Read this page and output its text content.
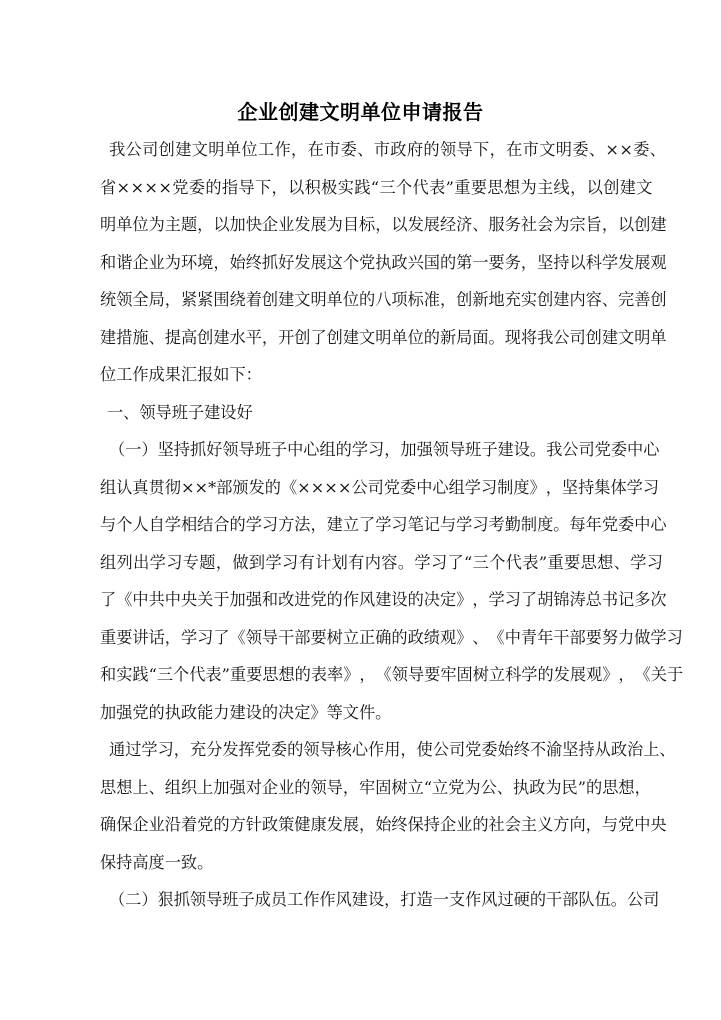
企业创建文明单位申请报告
我 公 司 创 建 文 明 单 位 工 作 ， 在 市 委 、 市 政 府 的 领 导 下 ， 在 市 文 明 委 、 × × 委 、
省 × × × × 党 委 的 指 导 下 ， 以 积 极 实 践 “ 三 个 代 表 ” 重 要 思 想 为 主 线 ， 以 创 建 文
明 单 位 为 主 题 ， 以 加 快 企 业 发 展 为 目 标 ， 以 发 展 经 济 、 服 务 社 会 为 宗 旨 ， 以 创 建
和 谐 企 业 为 环 境 ， 始 终 抓 好 发 展 这 个 党 执 政 兴 国 的 第 一 要 务 ， 坚 持 以 科 学 发 展 观
统 领 全 局 ， 紧 紧 围 绕 着 创 建 文 明 单 位 的 八 项 标 准 ， 创 新 地 充 实 创 建 内 容 、 完 善 创
建 措 施 、 提 高 创 建 水 平 ， 开 创 了 创 建 文 明 单 位 的 新 局 面 。 现 将 我 公 司 创 建 文 明 单
位工作成果汇报如下：
一、领导班子建设好
（ 一 ） 坚 持 抓 好 领 导 班 子 中 心 组 的 学 习 ， 加 强 领 导 班 子 建 设 。 我 公 司 党 委 中 心
组 认 真 贯 彻 × × * 部 颁 发 的 《 × × × × 公 司 党 委 中 心 组 学 习 制 度 》 ， 坚 持 集 体 学 习
与 个 人 自 学 相 结 合 的 学 习 方 法 ， 建 立 了 学 习 笔 记 与 学 习 考 勤 制 度 。 每 年 党 委 中 心
组 列 出 学 习 专 题 ， 做 到 学 习 有 计 划 有 内 容 。 学 习 了 “ 三 个 代 表 ” 重 要 思 想 、 学 习
了 《 中 共 中 央 关 于 加 强 和 改 进 党 的 作 风 建 设 的 决 定 》 ， 学 习 了 胡 锦 涛 总 书 记 多 次
重 要 讲 话 ， 学 习 了 《 领 导 干 部 要 树 立 正 确 的 政 绩 观 》 、 《 中 青 年 干 部 要 努 力 做 学 习
和 实 践 “ 三 个 代 表 ” 重 要 思 想 的 表 率 》 ， 《 领 导 要 牢 固 树 立 科 学 的 发 展 观 》 ， 《 关 于
加强党的执政能力建设的决定》等文件。
通 过 学 习 ， 充 分 发 挥 党 委 的 领 导 核 心 作 用 ， 使 公 司 党 委 始 终 不 渝 坚 持 从 政 治 上 、
思 想 上 、 组 织 上 加 强 对 企 业 的 领 导 ， 牢 固 树 立 “ 立 党 为 公 、 执 政 为 民 ” 的 思 想 ，
确 保 企 业 沿 着 党 的 方 针 政 策 健 康 发 展 ， 始 终 保 持 企 业 的 社 会 主 义 方 向 ， 与 党 中 央
保持高度一致。
（二）狠抓领导班子成员工作作风建设，打造一支作风过硬的干部队伍。公司
